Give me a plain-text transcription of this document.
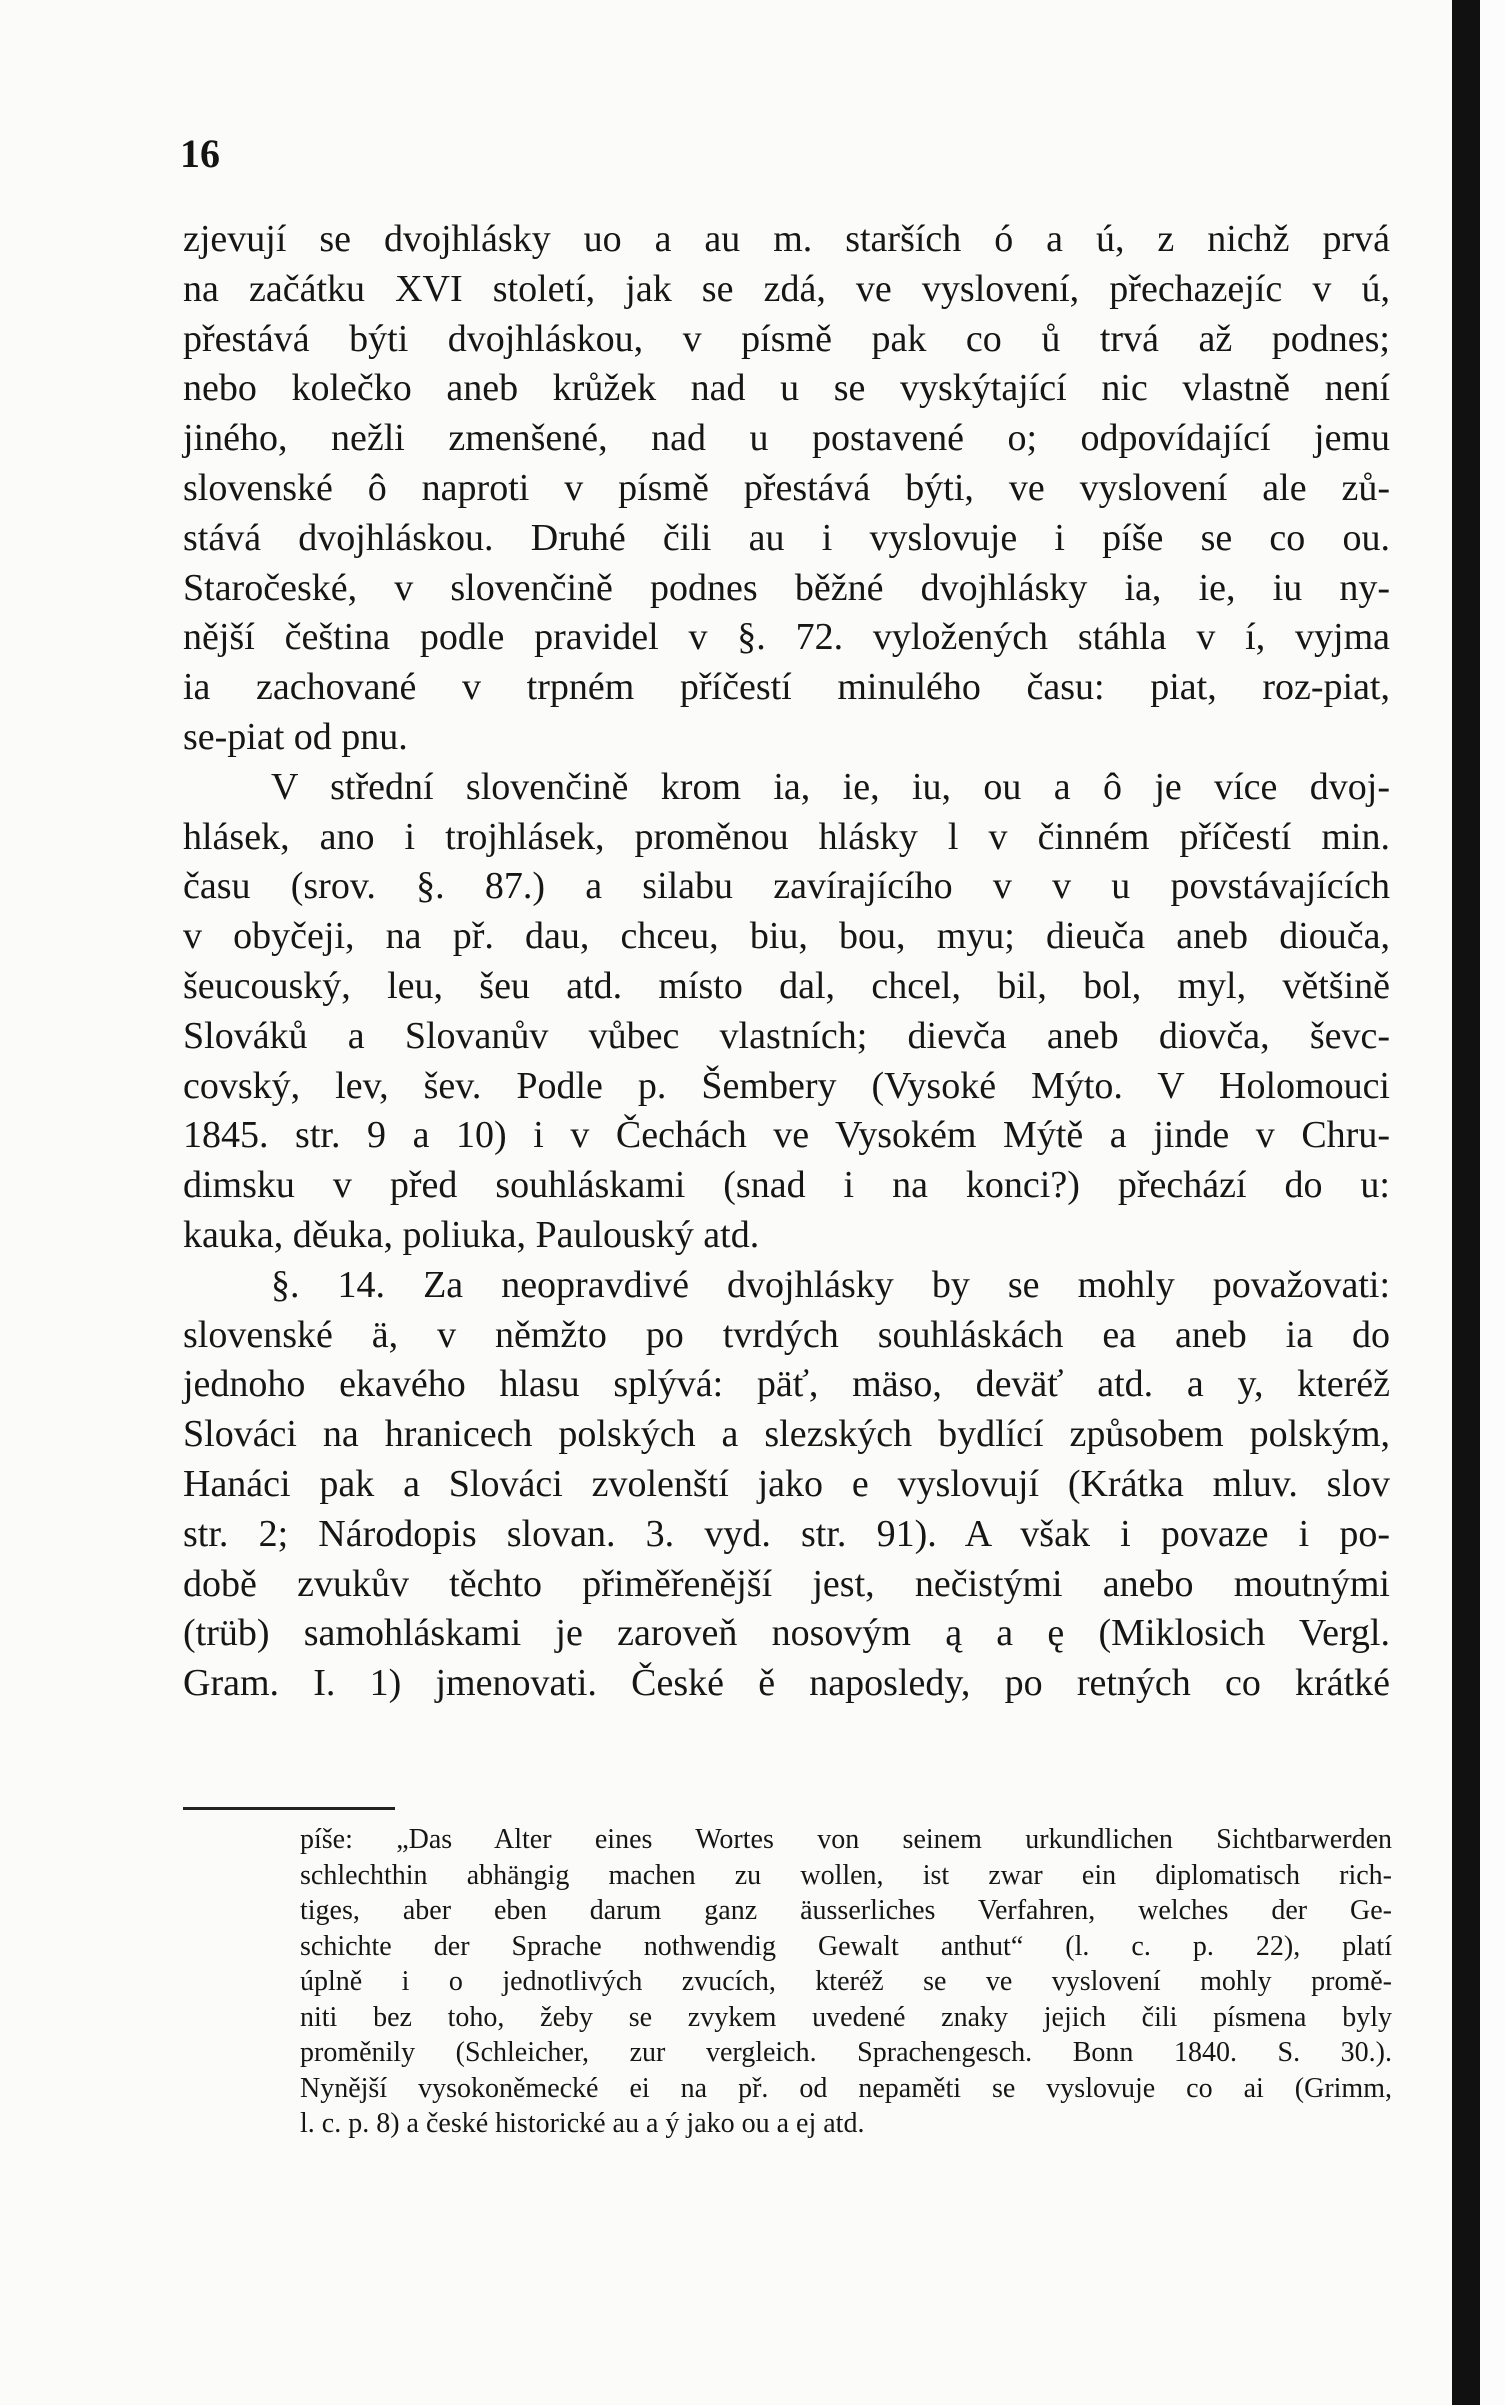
16
zjevují se dvojhlásky uo a au m. starších ó a ú, z nichž prvá
na začátku XVI století, jak se zdá, ve vyslovení, přechazejíc v ú,
přestává býti dvojhláskou, v písmě pak co ů trvá až podnes;
nebo kolečko aneb krůžek nad u se vyskýtající nic vlastně není
jiného, nežli zmenšené, nad u postavené o; odpovídající jemu
slovenské ô naproti v písmě přestává býti, ve vyslovení ale zů-
stává dvojhláskou. Druhé čili au i vyslovuje i píše se co ou.
Staročeské, v slovenčině podnes běžné dvojhlásky ia, ie, iu ny-
nější čeština podle pravidel v §. 72. vyložených stáhla v í, vyjma
ia zachované v trpném příčestí minulého času: piat, roz-piat,
se-piat od pnu.
V střední slovenčině krom ia, ie, iu, ou a ô je více dvoj-
hlásek, ano i trojhlásek, proměnou hlásky l v činném příčestí min.
času (srov. §. 87.) a silabu zavírajícího v v u povstávajících
v obyčeji, na př. dau, chceu, biu, bou, myu; dieuča aneb diouča,
šeucouský, leu, šeu atd. místo dal, chcel, bil, bol, myl, většině
Slováků a Slovanův vůbec vlastních; dievča aneb diovča, ševc-
covský, lev, šev. Podle p. Šembery (Vysoké Mýto. V Holomouci
1845. str. 9 a 10) i v Čechách ve Vysokém Mýtě a jinde v Chru-
dimsku v před souhláskami (snad i na konci?) přechází do u:
kauka, děuka, poliuka, Paulouský atd.
§. 14. Za neopravdivé dvojhlásky by se mohly považovati:
slovenské ä, v němžto po tvrdých souhláskách ea aneb ia do
jednoho ekavého hlasu splývá: päť, mäso, deväť atd. a y, kteréž
Slováci na hranicech polských a slezských bydlící způsobem polským,
Hanáci pak a Slováci zvolenští jako e vyslovují (Krátka mluv. slov
str. 2; Národopis slovan. 3. vyd. str. 91). A však i povaze i po-
době zvukův těchto přiměřenější jest, nečistými anebo moutnými
(trüb) samohláskami je zaroveň nosovým ą a ę (Miklosich Vergl.
Gram. I. 1) jmenovati. České ě naposledy, po retných co krátké
píše: „Das Alter eines Wortes von seinem urkundlichen Sichtbarwerden
schlechthin abhängig machen zu wollen, ist zwar ein diplomatisch rich-
tiges, aber eben darum ganz äusserliches Verfahren, welches der Ge-
schichte der Sprache nothwendig Gewalt anthut“ (l. c. p. 22), platí
úplně i o jednotlivých zvucích, kteréž se ve vyslovení mohly promě-
niti bez toho, žeby se zvykem uvedené znaky jejich čili písmena byly
proměnily (Schleicher, zur vergleich. Sprachengesch. Bonn 1840. S. 30.).
Nynější vysokoněmecké ei na př. od nepaměti se vyslovuje co ai (Grimm,
l. c. p. 8) a české historické au a ý jako ou a ej atd.
